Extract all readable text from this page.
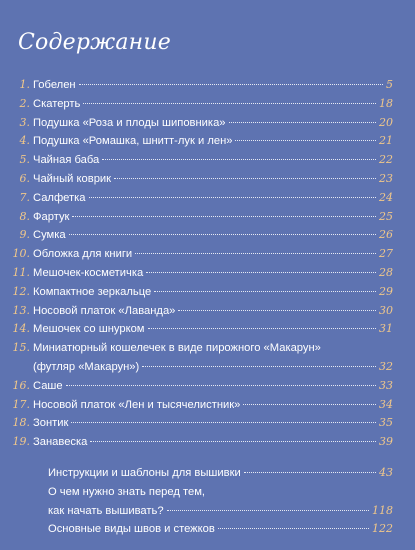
Содержание
1. Гобелен	5
2. Скатерть	18
3. Подушка «Роза и плоды шиповника»	20
4. Подушка «Ромашка, шнитт-лук и лен»	21
5. Чайная баба	22
6. Чайный коврик	23
7. Салфетка	24
8. Фартук	25
9. Сумка	26
10. Обложка для книги	27
11. Мешочек-косметичка	28
12. Компактное зеркальце	29
13. Носовой платок «Лаванда»	30
14. Мешочек со шнурком	31
15. Миниатюрный кошелечек в виде пирожного «Макарун»
(футляр «Макарун»)	32
16. Саше	33
17. Носовой платок «Лен и тысячелистник»	34
18. Зонтик	35
19. Занавеска	39
Инструкции и шаблоны для вышивки	43
О чем нужно знать перед тем,
как начать вышивать?	118
Основные виды швов и стежков	122
